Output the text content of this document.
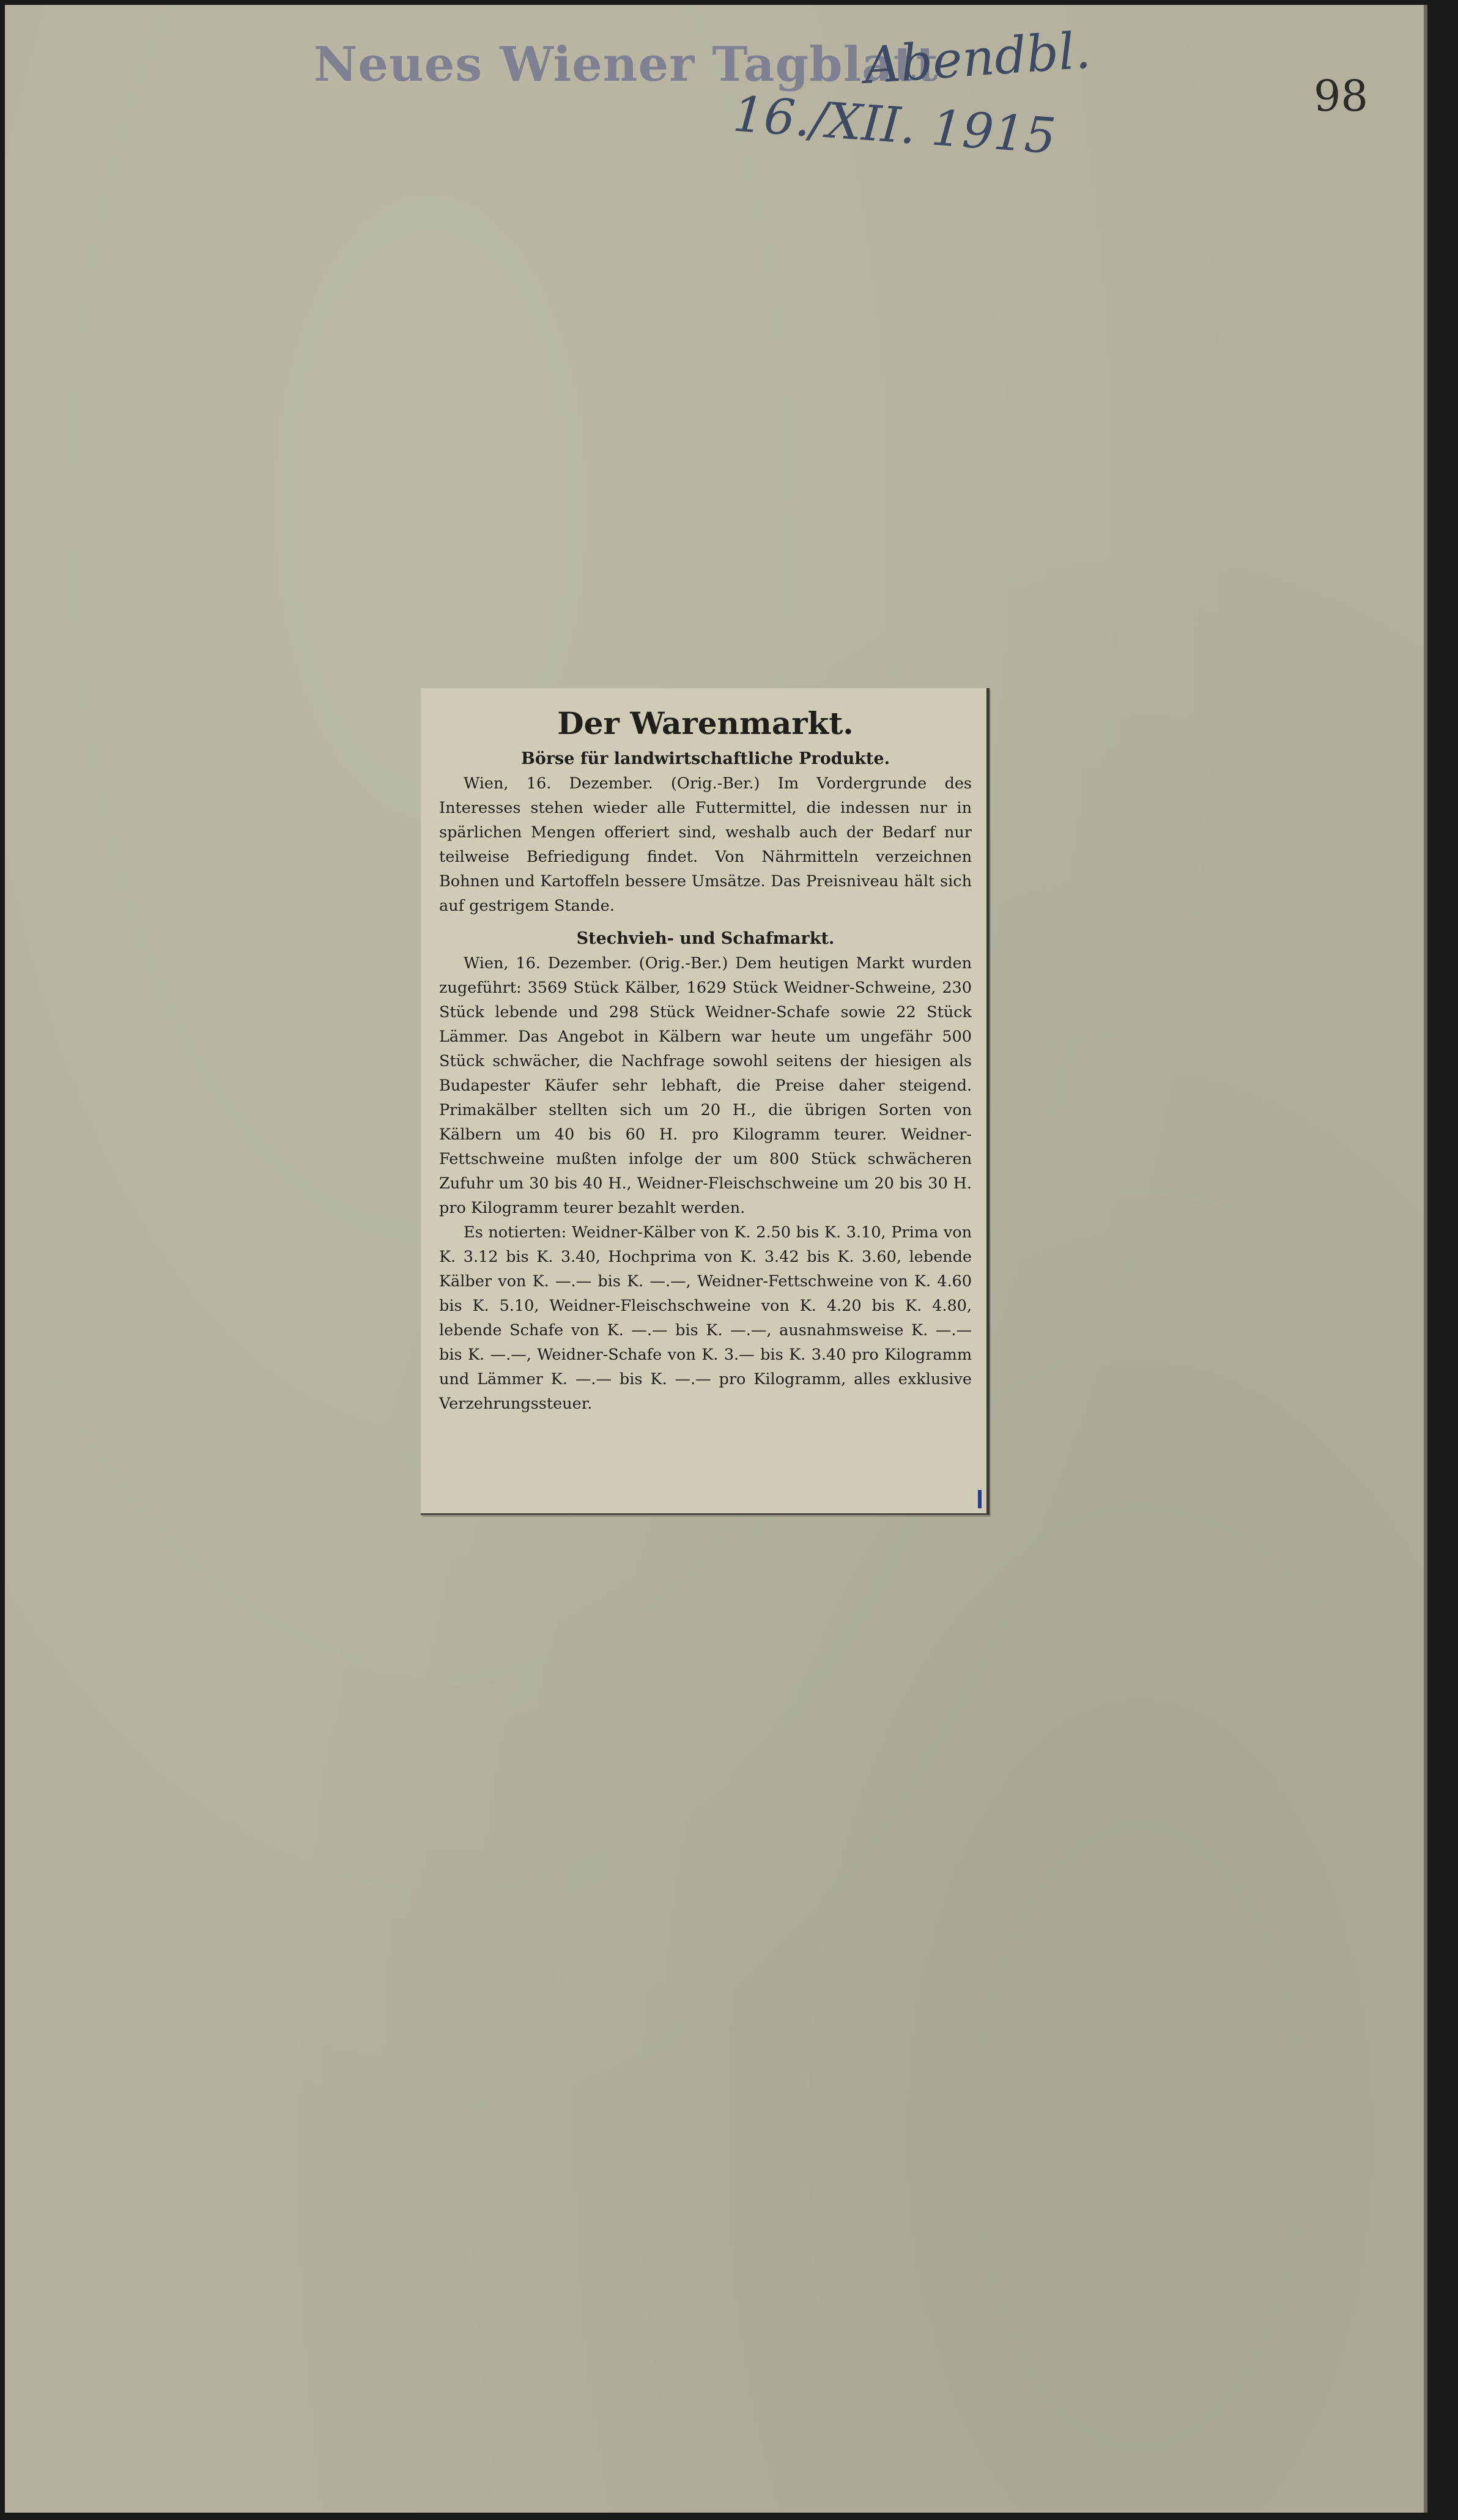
Neues Wiener Tagblatt
Abendbl.
16./XII. 1915	98
Der Warenmarkt.

Börse für landwirtschaftliche Produkte.

Wien, 16. Dezember. (Orig.-Ber.) Im Vordergrunde des Interesses stehen wieder alle Futtermittel, die indessen nur in spärlichen Mengen offeriert sind, weshalb auch der Bedarf nur teilweise Befriedigung findet. Von Nährmitteln verzeichnen Bohnen und Kartoffeln bessere Umsätze. Das Preisniveau hält sich auf gestrigem Stande.

Stechvieh- und Schafmarkt.

Wien, 16. Dezember. (Orig.-Ber.) Dem heutigen Markt wurden zugeführt: 3569 Stück Kälber, 1629 Stück Weidner-Schweine, 230 Stück lebende und 298 Stück Weidner-Schafe sowie 22 Stück Lämmer. Das Angebot in Kälbern war heute um ungefähr 500 Stück schwächer, die Nachfrage sowohl seitens der hiesigen als Budapester Käufer sehr lebhaft, die Preise daher steigend. Primakälber stellten sich um 20 H., die übrigen Sorten von Kälbern um 40 bis 60 H. pro Kilogramm teurer. Weidner-Fettschweine mußten infolge der um 800 Stück schwächeren Zufuhr um 30 bis 40 H., Weidner-Fleischschweine um 20 bis 30 H. pro Kilogramm teurer bezahlt werden.

Es notierten: Weidner-Kälber von K. 2.50 bis K. 3.10, Prima von K. 3.12 bis K. 3.40, Hochprima von K. 3.42 bis K. 3.60, lebende Kälber von K. —.— bis K. —.—, Weidner-Fettschweine von K. 4.60 bis K. 5.10, Weidner-Fleischschweine von K. 4.20 bis K. 4.80, lebende Schafe von K. —.— bis K. —.—, ausnahmsweise K. —.— bis K. —.—, Weidner-Schafe von K. 3.— bis K. 3.40 pro Kilogramm und Lämmer K. —.— bis K. —.— pro Kilogramm, alles exklusive Verzehrungssteuer.
